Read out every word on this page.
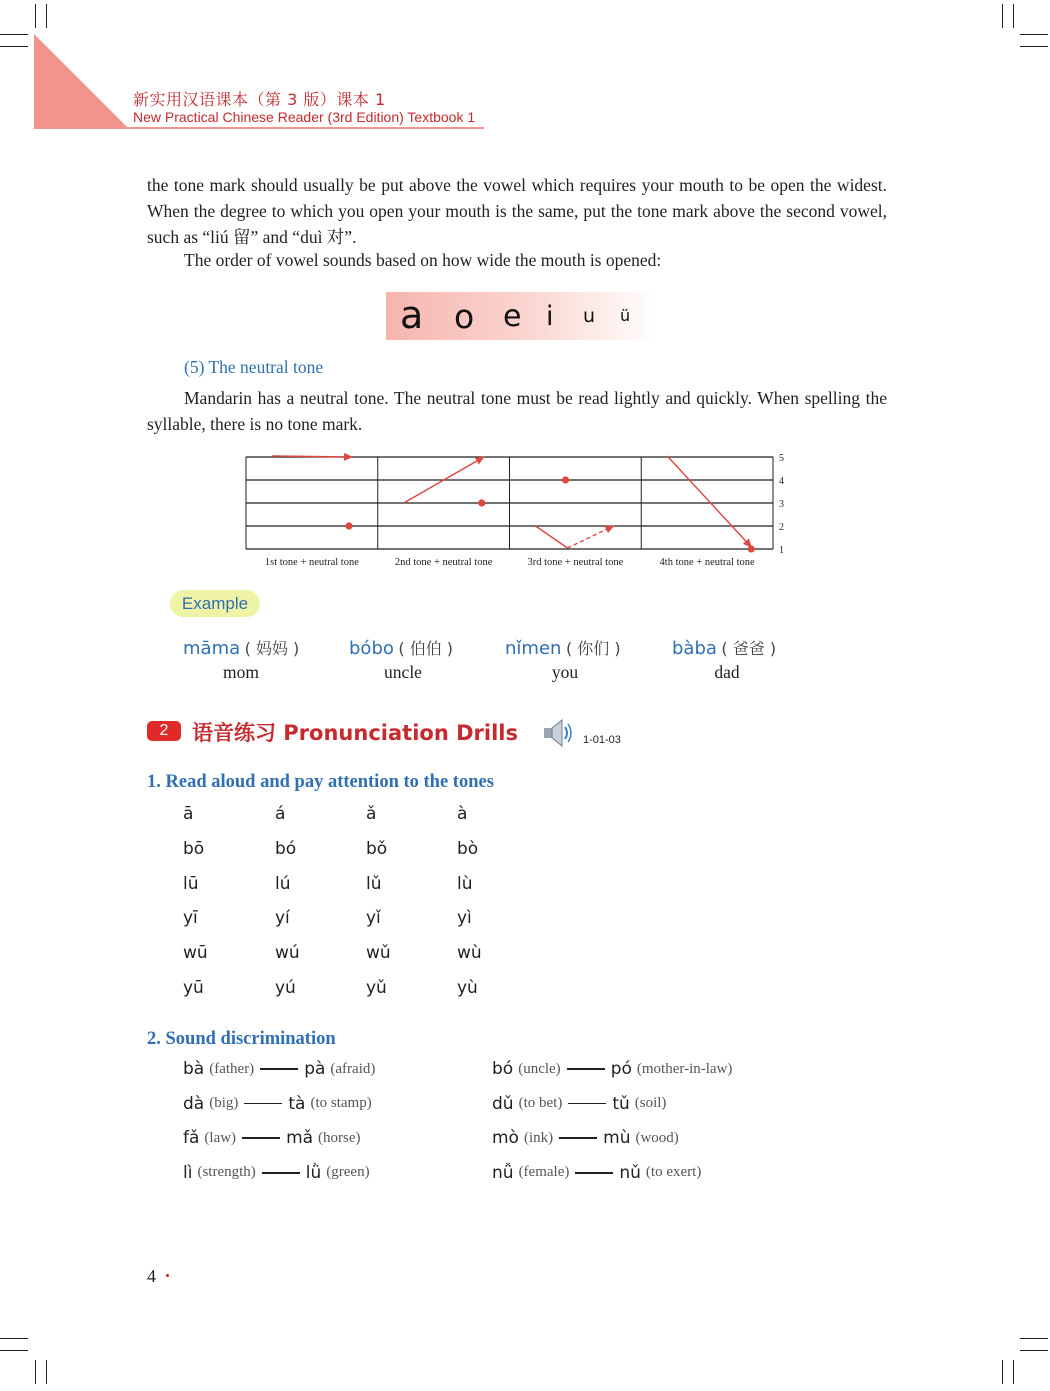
新实用汉语课本（第 3 版）课本 1
New Practical Chinese Reader (3rd Edition) Textbook 1
the tone mark should usually be put above the vowel which requires your mouth to be open the widest. When the degree to which you open your mouth is the same, put the tone mark above the second vowel, such as “liú 留” and “duì 对”.
The order of vowel sounds based on how wide the mouth is opened:
a o e i u ü
(5) The neutral tone
Mandarin has a neutral tone. The neutral tone must be read lightly and quickly. When spelling the syllable, there is no tone mark.
5
4
3
2
1
1st tone + neutral tone	2nd tone + neutral tone	3rd tone + neutral tone	4th tone + neutral tone
Example
māma ( 妈妈 )	bóbo ( 伯伯 )	nǐmen ( 你们 )	bàba ( 爸爸 )
mom	uncle	you	dad
2	语音练习 Pronunciation Drills	1-01-03
1. Read aloud and pay attention to the tones
ā	á	ǎ	à
bō	bó	bǒ	bò
lū	lú	lǔ	lù
yī	yí	yǐ	yì
wū	wú	wǔ	wù
yū	yú	yǔ	yù
2. Sound discrimination
bà (father)	pà (afraid)	bó (uncle)	pó (mother-in-law)
dà (big)	tà (to stamp)	dǔ (to bet)	tǔ (soil)
fǎ (law)	mǎ (horse)	mò (ink)	mù (wood)
lì (strength)	lǜ (green)	nǚ (female)	nǔ (to exert)
4
